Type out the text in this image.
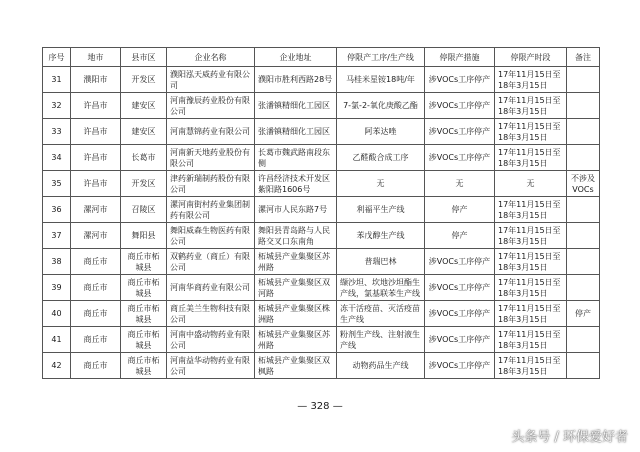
序号	地市	县市区	企业名称	企业地址	停限产工序/生产线	停限产措施	停限产时段	备注
31	濮阳市	开发区	濮阳泓天威药业有限公司	濮阳市胜利西路28号	马桂米星铵18吨/年	涉VOCs工序停产	17年11月15日至18年3月15日	
32	许昌市	建安区	河南豫辰药业股份有限公司	张潘镇精细化工园区	7-氯-2-氧化庚酸乙酯	涉VOCs工序停产	17年11月15日至18年3月15日	
33	许昌市	建安区	河南慧锦药业有限公司	张潘镇精细化工园区	阿苯达唑	涉VOCs工序停产	17年11月15日至18年3月15日	
34	许昌市	长葛市	河南新天地药业股份有限公司	长葛市魏武路南段东侧	乙醛酸合成工序	涉VOCs工序停产	17年11月15日至18年3月15日	
35	许昌市	开发区	津药新瑞制药股份有限公司	许昌经济技术开发区紫阳路1606号	无	无	无	不涉及VOCs
36	漯河市	召陵区	漯河南街村药业集团制药有限公司	漯河市人民东路7号	利福平生产线	停产	17年11月15日至18年3月15日	
37	漯河市	舞阳县	舞阳威森生物医药有限公司	舞阳县青岛路与人民路交叉口东南角	苯戊醇生产线	停产	17年11月15日至18年3月15日	
38	商丘市	商丘市柘城县	双鹤药业（商丘）有限公司	柘城县产业集聚区苏州路	普瑞巴林	涉VOCs工序停产	17年11月15日至18年3月15日	
39	商丘市	商丘市柘城县	河南华商药业有限公司	柘城县产业集聚区双河路	缬沙坦、坎地沙坦酯生产线，氯基联苯生产线	涉VOCs工序停产	17年11月15日至18年3月15日	
40	商丘市	商丘市柘城县	商丘美兰生物科技有限公司	柘城县产业集聚区株洲路	冻干活疫苗、灭活疫苗生产线	涉VOCs工序停产	17年11月15日至18年3月15日	停产
41	商丘市	商丘市柘城县	河南中盛动物药业有限公司	柘城县产业集聚区苏州路	粉剂生产线、注射液生产线	涉VOCs工序停产	17年11月15日至18年3月15日	
42	商丘市	商丘市柘城县	河南益华动物药业有限公司	柘城县产业集聚区双枫路	动物药品生产线	涉VOCs工序停产	17年11月15日至18年3月15日	
— 328 —
头条号 / 环保爱好者
